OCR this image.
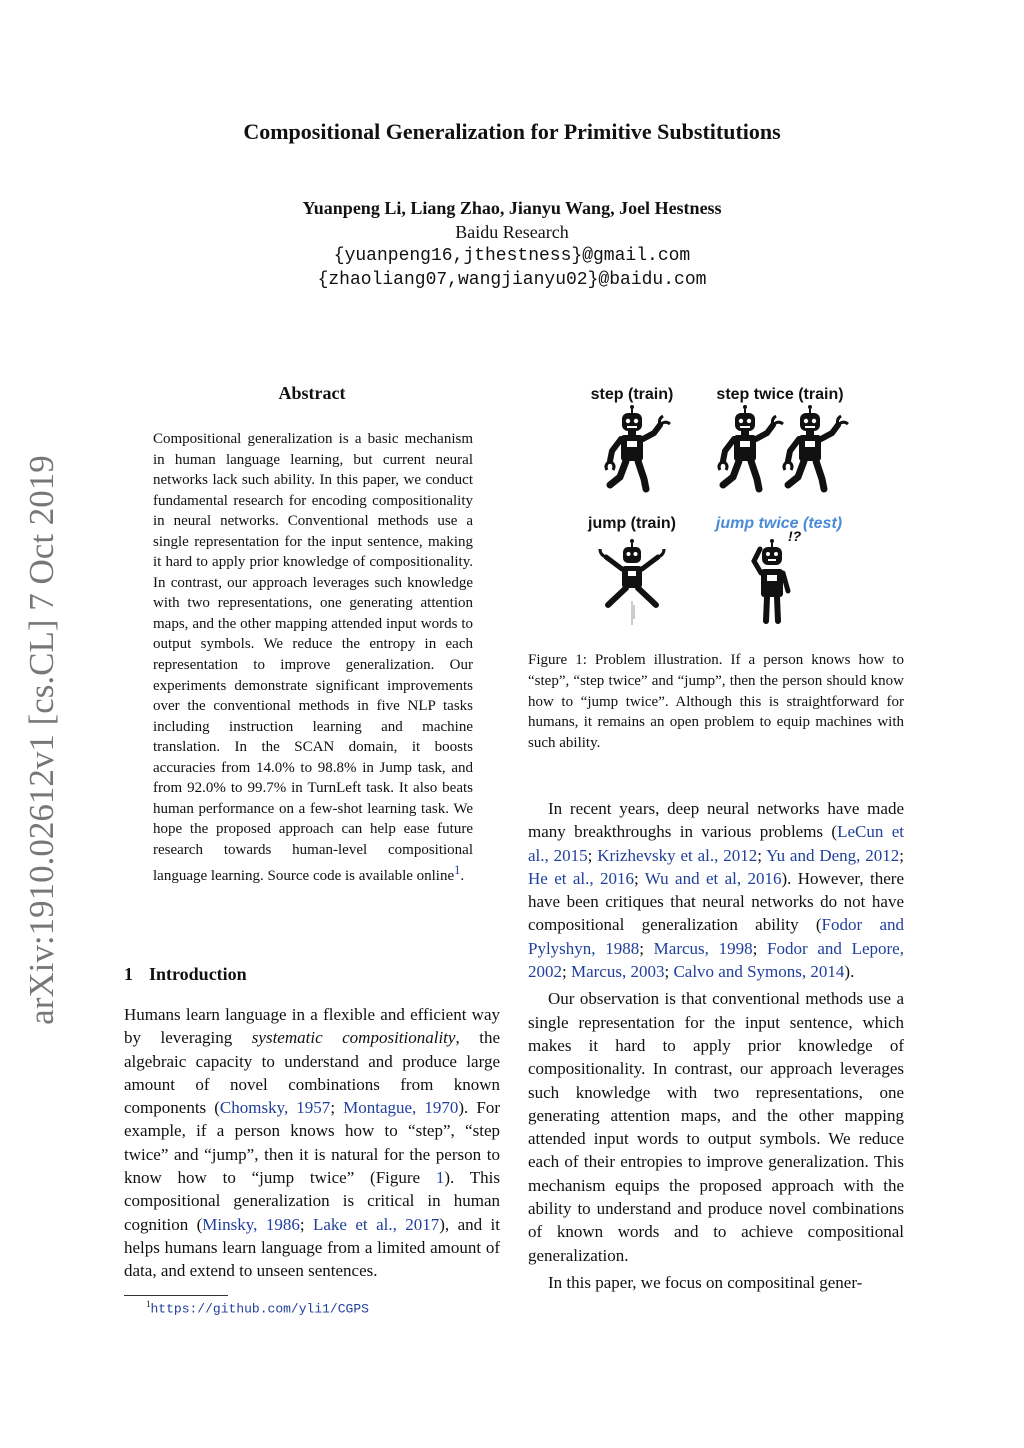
arXiv:1910.02612v1 [cs.CL] 7 Oct 2019
Compositional Generalization for Primitive Substitutions
Yuanpeng Li, Liang Zhao, Jianyu Wang, Joel Hestness
Baidu Research
{yuanpeng16,jthestness}@gmail.com
{zhaoliang07,wangjianyu02}@baidu.com
Abstract
Compositional generalization is a basic mechanism in human language learning, but current neural networks lack such ability. In this paper, we conduct fundamental research for encoding compositionality in neural networks. Conventional methods use a single representation for the input sentence, making it hard to apply prior knowledge of compositionality. In contrast, our approach leverages such knowledge with two representations, one generating attention maps, and the other mapping attended input words to output symbols. We reduce the entropy in each representation to improve generalization. Our experiments demonstrate significant improvements over the conventional methods in five NLP tasks including instruction learning and machine translation. In the SCAN domain, it boosts accuracies from 14.0% to 98.8% in Jump task, and from 92.0% to 99.7% in TurnLeft task. It also beats human performance on a few-shot learning task. We hope the proposed approach can help ease future research towards human-level compositional language learning. Source code is available online$^1$.
1 Introduction
Humans learn language in a flexible and efficient way by leveraging systematic compositionality, the algebraic capacity to understand and produce large amount of novel combinations from known components (Chomsky, 1957; Montague, 1970). For example, if a person knows how to “step”, “step twice” and “jump”, then it is natural for the person to know how to “jump twice” (Figure 1). This compositional generalization is critical in human cognition (Minsky, 1986; Lake et al., 2017), and it helps humans learn language from a limited amount of data, and extend to unseen sentences.
$^1$https://github.com/yli1/CGPS
step (train)	step twice (train)
jump (train) jump twice (test)
!?
Figure 1: Problem illustration. If a person knows how to “step”, “step twice” and “jump”, then the person should know how to “jump twice”. Although this is straightforward for humans, it remains an open problem to equip machines with such ability.

In recent years, deep neural networks have made many breakthroughs in various problems (LeCun et al., 2015; Krizhevsky et al., 2012; Yu and Deng, 2012; He et al., 2016; Wu and et al, 2016). However, there have been critiques that neural networks do not have compositional generalization ability (Fodor and Pylyshyn, 1988; Marcus, 1998; Fodor and Lepore, 2002; Marcus, 2003; Calvo and Symons, 2014).

Our observation is that conventional methods use a single representation for the input sentence, which makes it hard to apply prior knowledge of compositionality. In contrast, our approach leverages such knowledge with two representations, one generating attention maps, and the other mapping attended input words to output symbols. We reduce each of their entropies to improve generalization. This mechanism equips the proposed approach with the ability to understand and produce novel combinations of known words and to achieve compositional generalization.

In this paper, we focus on compositinal gener-
